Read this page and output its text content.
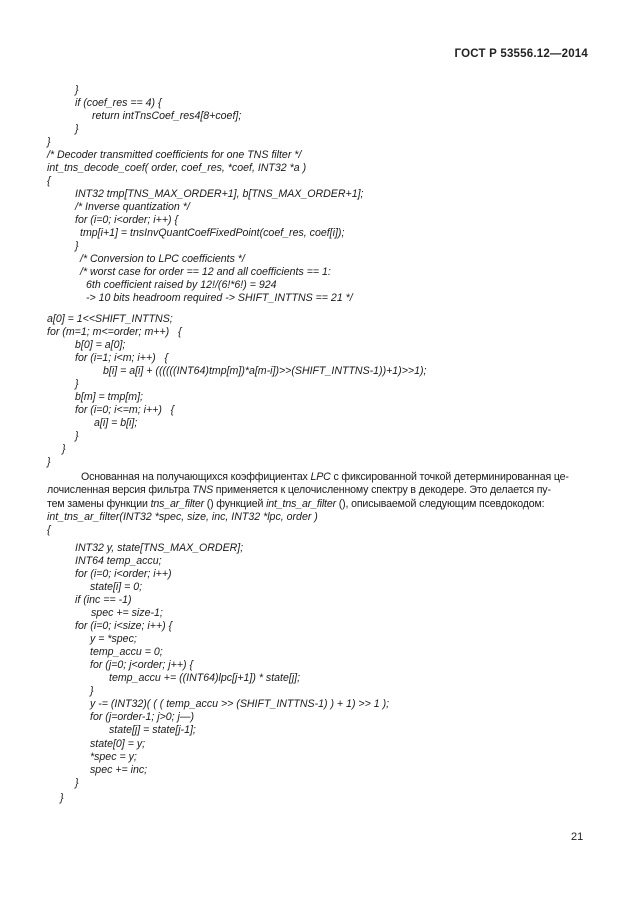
ГОСТ Р 53556.12—2014
}
if (coef_res == 4) {
return intTnsCoef_res4[8+coef];
}
}
/* Decoder transmitted coefficients for one TNS filter */
int_tns_decode_coef( order, coef_res, *coef, INT32 *a )
{
INT32 tmp[TNS_MAX_ORDER+1], b[TNS_MAX_ORDER+1];
/* Inverse quantization */
for (i=0; i<order; i++) {
tmp[i+1] = tnsInvQuantCoefFixedPoint(coef_res, coef[i]);
}
/* Conversion to LPC coefficients */
/* worst case for order == 12 and all coefficients == 1:
6th coefficient raised by 12!/(6!*6!) = 924
-> 10 bits headroom required -> SHIFT_INTTNS == 21 */
a[0] = 1<<SHIFT_INTTNS;
for (m=1; m<=order; m++)   {
b[0] = a[0];
for (i=1; i<m; i++)   {
b[i] = a[i] + ((((((INT64)tmp[m])*a[m-i])>>(SHIFT_INTTNS-1))+1)>>1);
}
b[m] = tmp[m];
for (i=0; i<=m; i++)   {
a[i] = b[i];
}
}
}
Основанная на получающихся коэффициентах LPC с фиксированной точкой детерминированная це-
лочисленная версия фильтра TNS применяется к целочисленному спектру в декодере. Это делается пу-
тем замены функции tns_ar_filter () функцией int_tns_ar_filter (), описываемой следующим псевдокодом:
int_tns_ar_filter(INT32 *spec, size, inc, INT32 *lpc, order )
{
INT32 y, state[TNS_MAX_ORDER];
INT64 temp_accu;
for (i=0; i<order; i++)
state[i] = 0;
if (inc == -1)
spec += size-1;
for (i=0; i<size; i++) {
y = *spec;
temp_accu = 0;
for (j=0; j<order; j++) {
temp_accu += ((INT64)lpc[j+1]) * state[j];
}
y -= (INT32)( ( ( temp_accu >> (SHIFT_INTTNS-1) ) + 1) >> 1 );
for (j=order-1; j>0; j—)
state[j] = state[j-1];
state[0] = y;
*spec = y;
spec += inc;
}
}
21
